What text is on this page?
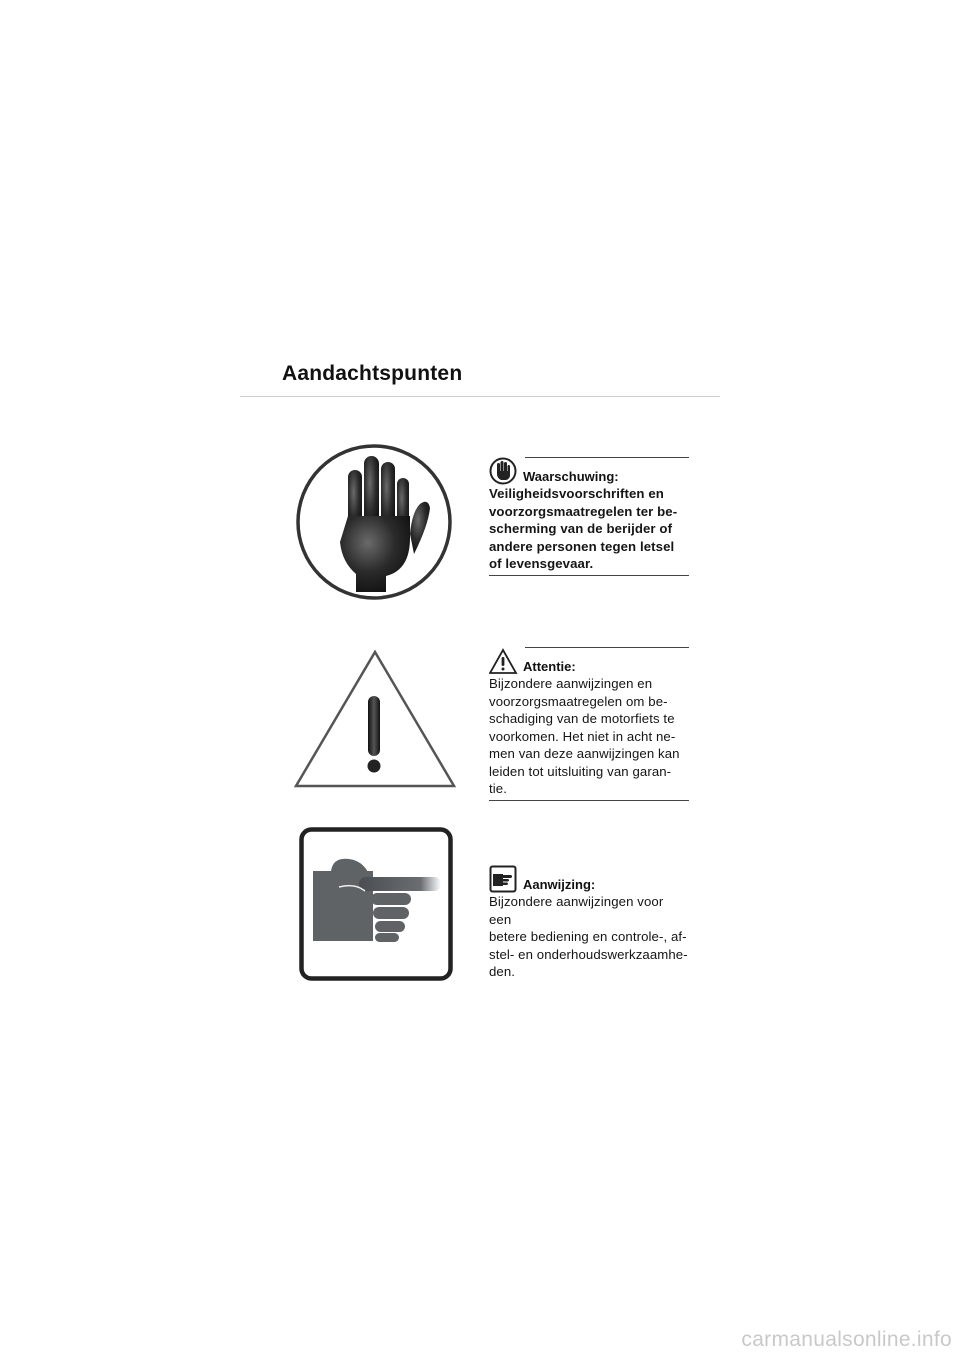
Aandachtspunten
Waarschuwing:
Veiligheidsvoorschriften en
voorzorgsmaatregelen ter be-
scherming van de berijder of
andere personen tegen letsel
of levensgevaar.
Attentie:
Bijzondere aanwijzingen en
voorzorgsmaatregelen om be-
schadiging van de motorfiets te
voorkomen. Het niet in acht ne-
men van deze aanwijzingen kan
leiden tot uitsluiting van garan-
tie.
Aanwijzing:
Bijzondere aanwijzingen voor een
betere bediening en controle-, af-
stel- en onderhoudswerkzaamhe-
den.
carmanualsonline.info
